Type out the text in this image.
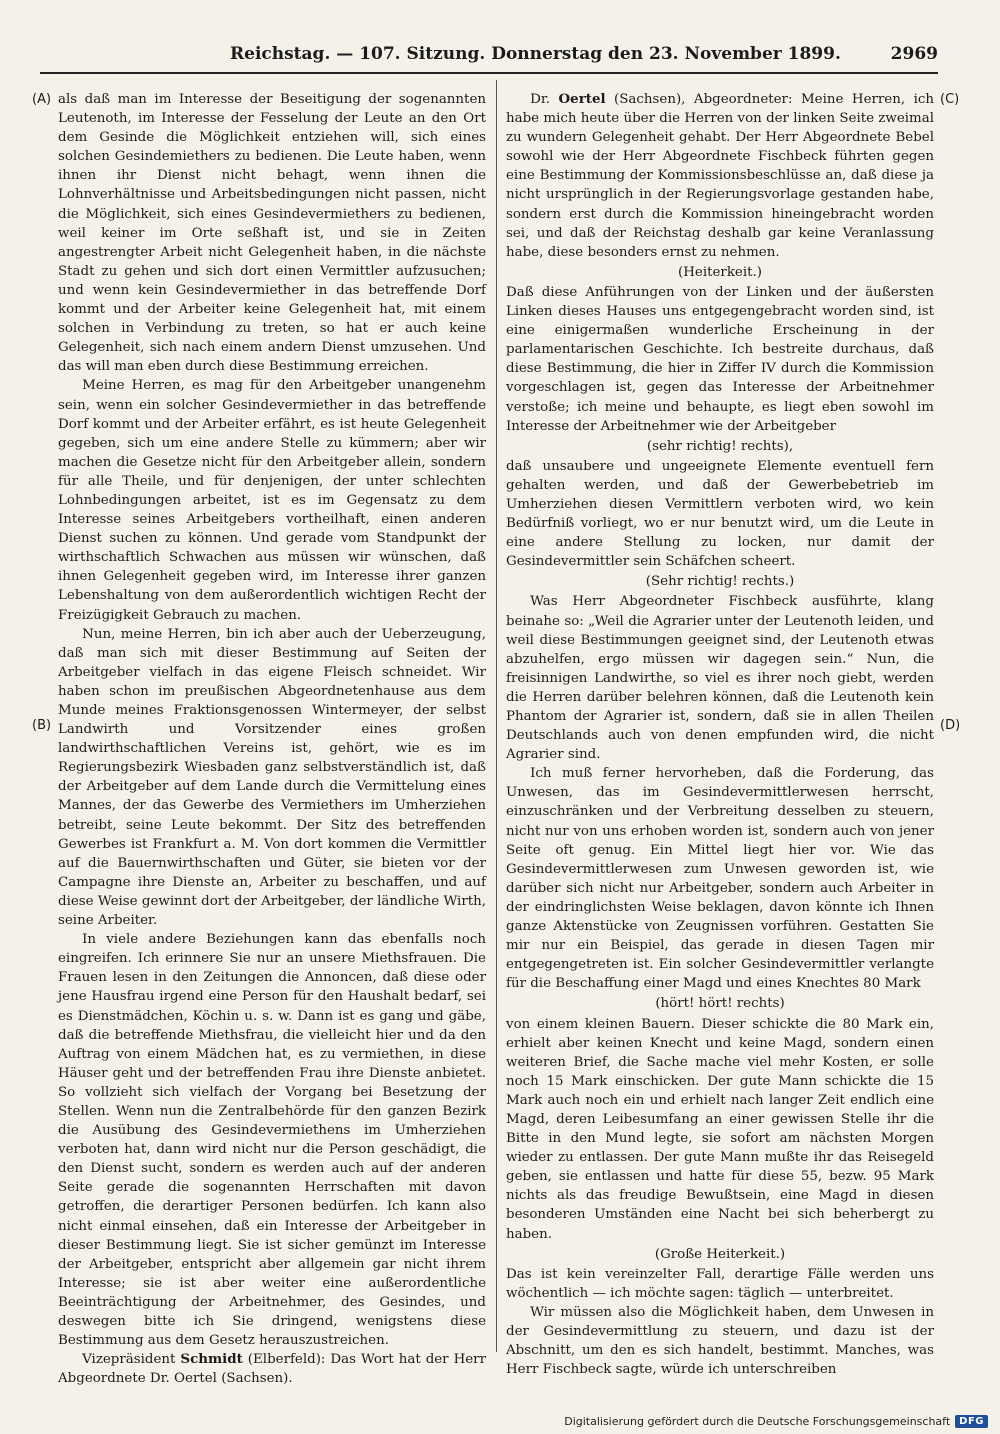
Reichstag. — 107. Sitzung. Donnerstag den 23. November 1899.	2969
(A)
(B)
(C)
(D)

als daß man im Interesse der Beseitigung der sogenannten Leutenoth, im Interesse der Fesselung der Leute an den Ort dem Gesinde die Möglichkeit entziehen will, sich eines solchen Gesindemiethers zu bedienen. Die Leute haben, wenn ihnen ihr Dienst nicht behagt, wenn ihnen die Lohnverhältnisse und Arbeitsbedingungen nicht passen, nicht die Möglichkeit, sich eines Gesindevermiethers zu bedienen, weil keiner im Orte seßhaft ist, und sie in Zeiten angestrengter Arbeit nicht Gelegenheit haben, in die nächste Stadt zu gehen und sich dort einen Vermittler aufzusuchen; und wenn kein Gesindevermiether in das betreffende Dorf kommt und der Arbeiter keine Gelegenheit hat, mit einem solchen in Verbindung zu treten, so hat er auch keine Gelegenheit, sich nach einem andern Dienst umzusehen. Und das will man eben durch diese Bestimmung erreichen.

Meine Herren, es mag für den Arbeitgeber unangenehm sein, wenn ein solcher Gesindevermiether in das betreffende Dorf kommt und der Arbeiter erfährt, es ist heute Gelegenheit gegeben, sich um eine andere Stelle zu kümmern; aber wir machen die Gesetze nicht für den Arbeitgeber allein, sondern für alle Theile, und für denjenigen, der unter schlechten Lohnbedingungen arbeitet, ist es im Gegensatz zu dem Interesse seines Arbeitgebers vortheilhaft, einen anderen Dienst suchen zu können. Und gerade vom Standpunkt der wirthschaftlich Schwachen aus müssen wir wünschen, daß ihnen Gelegenheit gegeben wird, im Interesse ihrer ganzen Lebenshaltung von dem außerordentlich wichtigen Recht der Freizügigkeit Gebrauch zu machen.

Nun, meine Herren, bin ich aber auch der Ueberzeugung, daß man sich mit dieser Bestimmung auf Seiten der Arbeitgeber vielfach in das eigene Fleisch schneidet. Wir haben schon im preußischen Abgeordnetenhause aus dem Munde meines Fraktionsgenossen Wintermeyer, der selbst Landwirth und Vorsitzender eines großen landwirthschaftlichen Vereins ist, gehört, wie es im Regierungsbezirk Wiesbaden ganz selbstverständlich ist, daß der Arbeitgeber auf dem Lande durch die Vermittelung eines Mannes, der das Gewerbe des Vermiethers im Umherziehen betreibt, seine Leute bekommt. Der Sitz des betreffenden Gewerbes ist Frankfurt a. M. Von dort kommen die Vermittler auf die Bauernwirthschaften und Güter, sie bieten vor der Campagne ihre Dienste an, Arbeiter zu beschaffen, und auf diese Weise gewinnt dort der Arbeitgeber, der ländliche Wirth, seine Arbeiter.

In viele andere Beziehungen kann das ebenfalls noch eingreifen. Ich erinnere Sie nur an unsere Miethsfrauen. Die Frauen lesen in den Zeitungen die Annoncen, daß diese oder jene Hausfrau irgend eine Person für den Haushalt bedarf, sei es Dienstmädchen, Köchin u. s. w. Dann ist es gang und gäbe, daß die betreffende Miethsfrau, die vielleicht hier und da den Auftrag von einem Mädchen hat, es zu vermiethen, in diese Häuser geht und der betreffenden Frau ihre Dienste anbietet. So vollzieht sich vielfach der Vorgang bei Besetzung der Stellen. Wenn nun die Zentralbehörde für den ganzen Bezirk die Ausübung des Gesindevermiethens im Umherziehen verboten hat, dann wird nicht nur die Person geschädigt, die den Dienst sucht, sondern es werden auch auf der anderen Seite gerade die sogenannten Herrschaften mit davon getroffen, die derartiger Personen bedürfen. Ich kann also nicht einmal einsehen, daß ein Interesse der Arbeitgeber in dieser Bestimmung liegt. Sie ist sicher gemünzt im Interesse der Arbeitgeber, entspricht aber allgemein gar nicht ihrem Interesse; sie ist aber weiter eine außerordentliche Beeinträchtigung der Arbeitnehmer, des Gesindes, und deswegen bitte ich Sie dringend, wenigstens diese Bestimmung aus dem Gesetz herauszustreichen.

Vizepräsident Schmidt (Elberfeld): Das Wort hat der Herr Abgeordnete Dr. Oertel (Sachsen).

Dr. Oertel (Sachsen), Abgeordneter: Meine Herren, ich habe mich heute über die Herren von der linken Seite zweimal zu wundern Gelegenheit gehabt. Der Herr Abgeordnete Bebel sowohl wie der Herr Abgeordnete Fischbeck führten gegen eine Bestimmung der Kommissionsbeschlüsse an, daß diese ja nicht ursprünglich in der Regierungsvorlage gestanden habe, sondern erst durch die Kommission hineingebracht worden sei, und daß der Reichstag deshalb gar keine Veranlassung habe, diese besonders ernst zu nehmen.

(Heiterkeit.)

Daß diese Anführungen von der Linken und der äußersten Linken dieses Hauses uns entgegengebracht worden sind, ist eine einigermaßen wunderliche Erscheinung in der parlamentarischen Geschichte. Ich bestreite durchaus, daß diese Bestimmung, die hier in Ziffer IV durch die Kommission vorgeschlagen ist, gegen das Interesse der Arbeitnehmer verstoße; ich meine und behaupte, es liegt eben sowohl im Interesse der Arbeitnehmer wie der Arbeitgeber

(sehr richtig! rechts),

daß unsaubere und ungeeignete Elemente eventuell fern gehalten werden, und daß der Gewerbebetrieb im Umherziehen diesen Vermittlern verboten wird, wo kein Bedürfniß vorliegt, wo er nur benutzt wird, um die Leute in eine andere Stellung zu locken, nur damit der Gesindevermittler sein Schäfchen scheert.

(Sehr richtig! rechts.)

Was Herr Abgeordneter Fischbeck ausführte, klang beinahe so: „Weil die Agrarier unter der Leutenoth leiden, und weil diese Bestimmungen geeignet sind, der Leutenoth etwas abzuhelfen, ergo müssen wir dagegen sein.“ Nun, die freisinnigen Landwirthe, so viel es ihrer noch giebt, werden die Herren darüber belehren können, daß die Leutenoth kein Phantom der Agrarier ist, sondern, daß sie in allen Theilen Deutschlands auch von denen empfunden wird, die nicht Agrarier sind.

Ich muß ferner hervorheben, daß die Forderung, das Unwesen, das im Gesindevermittlerwesen herrscht, einzuschränken und der Verbreitung desselben zu steuern, nicht nur von uns erhoben worden ist, sondern auch von jener Seite oft genug. Ein Mittel liegt hier vor. Wie das Gesindevermittlerwesen zum Unwesen geworden ist, wie darüber sich nicht nur Arbeitgeber, sondern auch Arbeiter in der eindringlichsten Weise beklagen, davon könnte ich Ihnen ganze Aktenstücke von Zeugnissen vorführen. Gestatten Sie mir nur ein Beispiel, das gerade in diesen Tagen mir entgegengetreten ist. Ein solcher Gesindevermittler verlangte für die Beschaffung einer Magd und eines Knechtes 80 Mark

(hört! hört! rechts)

von einem kleinen Bauern. Dieser schickte die 80 Mark ein, erhielt aber keinen Knecht und keine Magd, sondern einen weiteren Brief, die Sache mache viel mehr Kosten, er solle noch 15 Mark einschicken. Der gute Mann schickte die 15 Mark auch noch ein und erhielt nach langer Zeit endlich eine Magd, deren Leibesumfang an einer gewissen Stelle ihr die Bitte in den Mund legte, sie sofort am nächsten Morgen wieder zu entlassen. Der gute Mann mußte ihr das Reisegeld geben, sie entlassen und hatte für diese 55, bezw. 95 Mark nichts als das freudige Bewußtsein, eine Magd in diesen besonderen Umständen eine Nacht bei sich beherbergt zu haben.

(Große Heiterkeit.)

Das ist kein vereinzelter Fall, derartige Fälle werden uns wöchentlich — ich möchte sagen: täglich — unterbreitet.

Wir müssen also die Möglichkeit haben, dem Unwesen in der Gesindevermittlung zu steuern, und dazu ist der Abschnitt, um den es sich handelt, bestimmt. Manches, was Herr Fischbeck sagte, würde ich unterschreiben

Digitalisierung gefördert durch die Deutsche Forschungsgemeinschaft DFG
